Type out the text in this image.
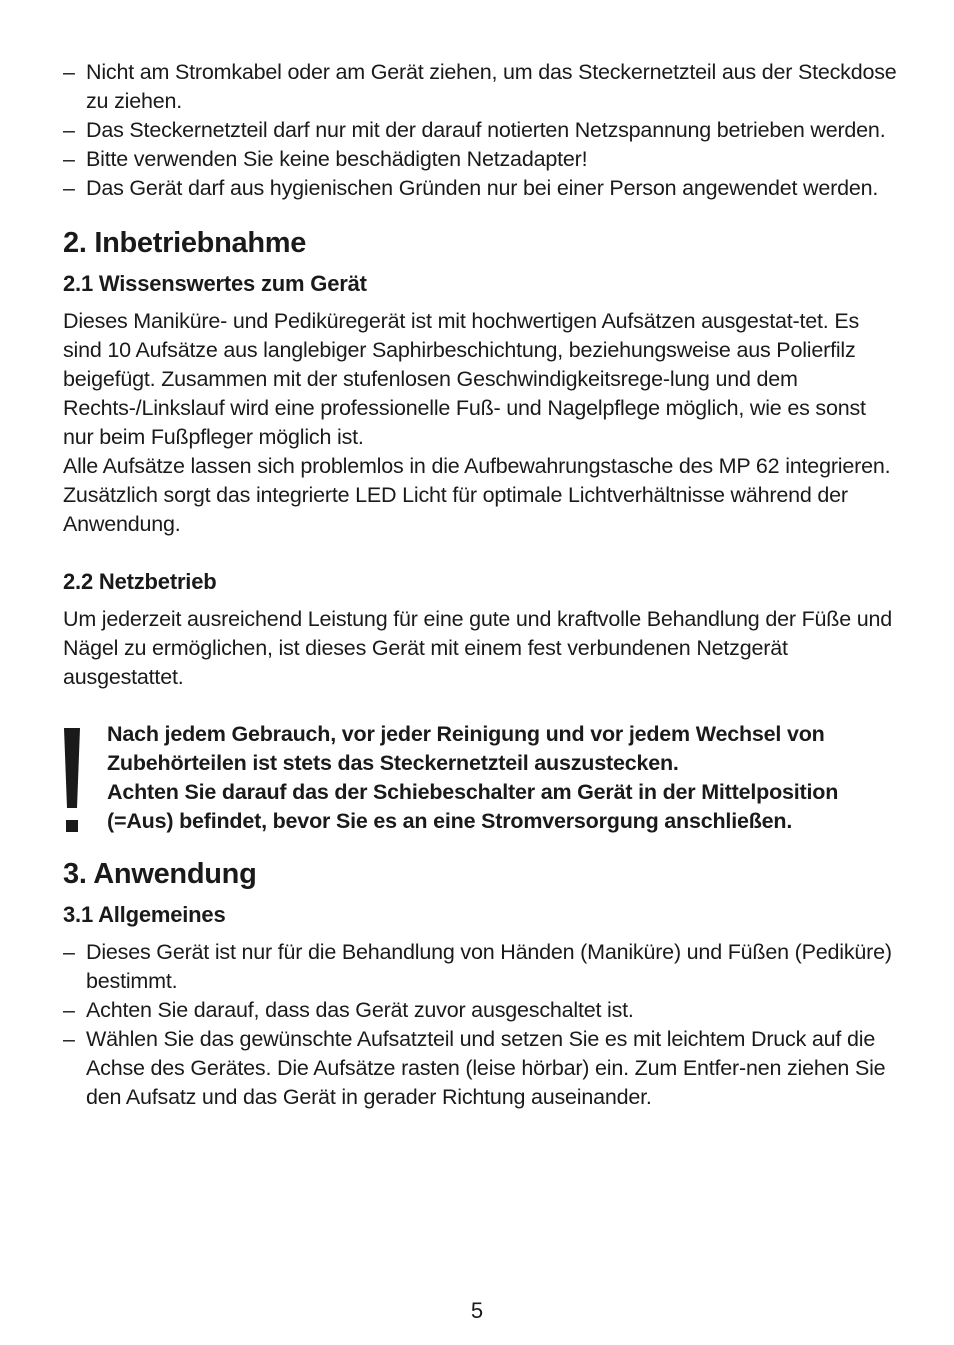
– Nicht am Stromkabel oder am Gerät ziehen, um das Steckernetzteil aus der Steckdose zu ziehen.
– Das Steckernetzteil darf nur mit der darauf notierten Netzspannung betrieben werden.
– Bitte verwenden Sie keine beschädigten Netzadapter!
– Das Gerät darf aus hygienischen Gründen nur bei einer Person angewendet werden.
2. Inbetriebnahme
2.1 Wissenswertes zum Gerät

Dieses Maniküre- und Pediküregerät ist mit hochwertigen Aufsätzen ausgestat-tet. Es sind 10 Aufsätze aus langlebiger Saphirbeschichtung, beziehungsweise aus Polierfilz beigefügt. Zusammen mit der stufenlosen Geschwindigkeitsrege-lung und dem Rechts-/Linkslauf wird eine professionelle Fuß- und Nagelpflege möglich, wie es sonst nur beim Fußpfleger möglich ist.

Alle Aufsätze lassen sich problemlos in die Aufbewahrungstasche des MP 62 integrieren.

Zusätzlich sorgt das integrierte LED Licht für optimale Lichtverhältnisse während der Anwendung.

2.2 Netzbetrieb

Um jederzeit ausreichend Leistung für eine gute und kraftvolle Behandlung der Füße und Nägel zu ermöglichen, ist dieses Gerät mit einem fest verbundenen Netzgerät ausgestattet.

Nach jedem Gebrauch, vor jeder Reinigung und vor jedem Wechsel von Zubehörteilen ist stets das Steckernetzteil auszustecken.

Achten Sie darauf das der Schiebeschalter am Gerät in der Mittelposition (=Aus) befindet, bevor Sie es an eine Stromversorgung anschließen.

3. Anwendung
3.1 Allgemeines
– Dieses Gerät ist nur für die Behandlung von Händen (Maniküre) und Füßen (Pediküre) bestimmt.
– Achten Sie darauf, dass das Gerät zuvor ausgeschaltet ist.
– Wählen Sie das gewünschte Aufsatzteil und setzen Sie es mit leichtem Druck auf die Achse des Gerätes. Die Aufsätze rasten (leise hörbar) ein. Zum Entfer-nen ziehen Sie den Aufsatz und das Gerät in gerader Richtung auseinander.
5
